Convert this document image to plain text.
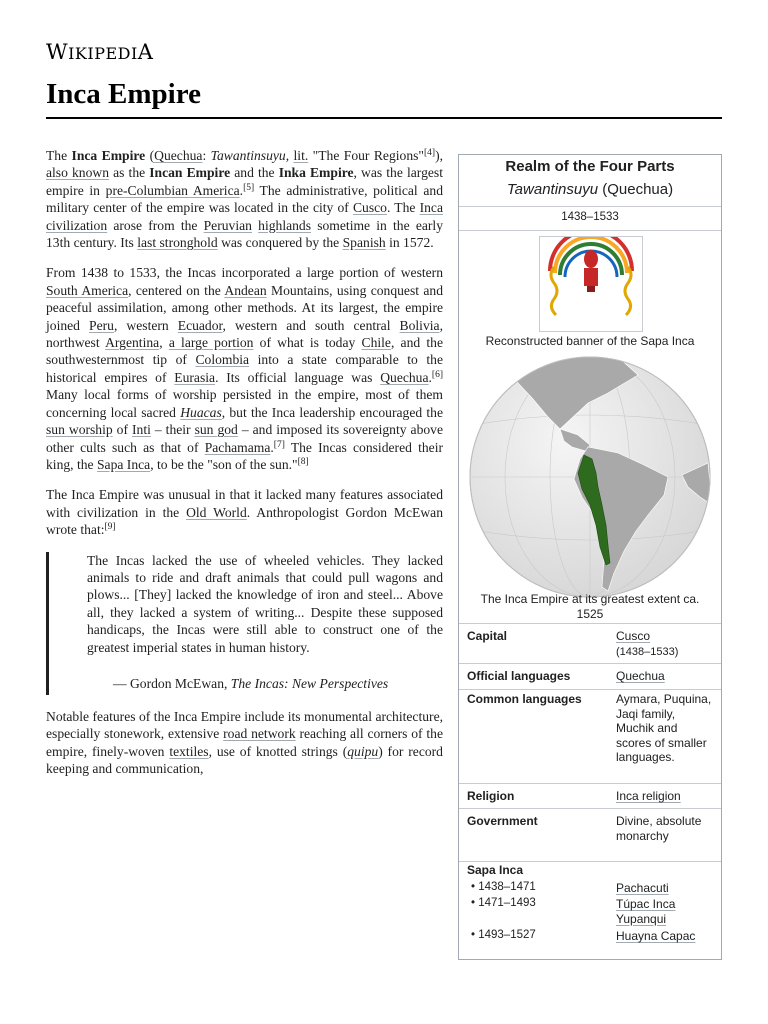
WIKIPEDIA
Inca Empire

The Inca Empire (Quechua: Tawantinsuyu, lit. "The Four Regions"[4]), also known as the Incan Empire and the Inka Empire, was the largest empire in pre-Columbian America.[5] The administrative, political and military center of the empire was located in the city of Cusco. The Inca civilization arose from the Peruvian highlands sometime in the early 13th century. Its last stronghold was conquered by the Spanish in 1572.

From 1438 to 1533, the Incas incorporated a large portion of western South America, centered on the Andean Mountains, using conquest and peaceful assimilation, among other methods. At its largest, the empire joined Peru, western Ecuador, western and south central Bolivia, northwest Argentina, a large portion of what is today Chile, and the southwesternmost tip of Colombia into a state comparable to the historical empires of Eurasia. Its official language was Quechua.[6] Many local forms of worship persisted in the empire, most of them concerning local sacred Huacas, but the Inca leadership encouraged the sun worship of Inti – their sun god – and imposed its sovereignty above other cults such as that of Pachamama.[7] The Incas considered their king, the Sapa Inca, to be the "son of the sun."[8]

The Inca Empire was unusual in that it lacked many features associated with civilization in the Old World. Anthropologist Gordon McEwan wrote that:[9]

The Incas lacked the use of wheeled vehicles. They lacked animals to ride and draft animals that could pull wagons and plows... [They] lacked the knowledge of iron and steel... Above all, they lacked a system of writing... Despite these supposed handicaps, the Incas were still able to construct one of the greatest imperial states in human history.

— Gordon McEwan, The Incas: New Perspectives

Notable features of the Inca Empire include its monumental architecture, especially stonework, extensive road network reaching all corners of the empire, finely-woven textiles, use of knotted strings (quipu) for record keeping and communication,

Realm of the Four Parts
Tawantinsuyu (Quechua)
1438–1533
Reconstructed banner of the Sapa Inca
The Inca Empire at its greatest extent ca. 1525
Capital	Cusco
(1438–1533)
Official languages	Quechua
Common languages	Aymara, Puquina, Jaqi family, Muchik and scores of smaller languages.
Religion	Inca religion
Government	Divine, absolute monarchy
Sapa Inca
• 1438–1471	Pachacuti
• 1471–1493	Túpac Inca Yupanqui
• 1493–1527	Huayna Capac
